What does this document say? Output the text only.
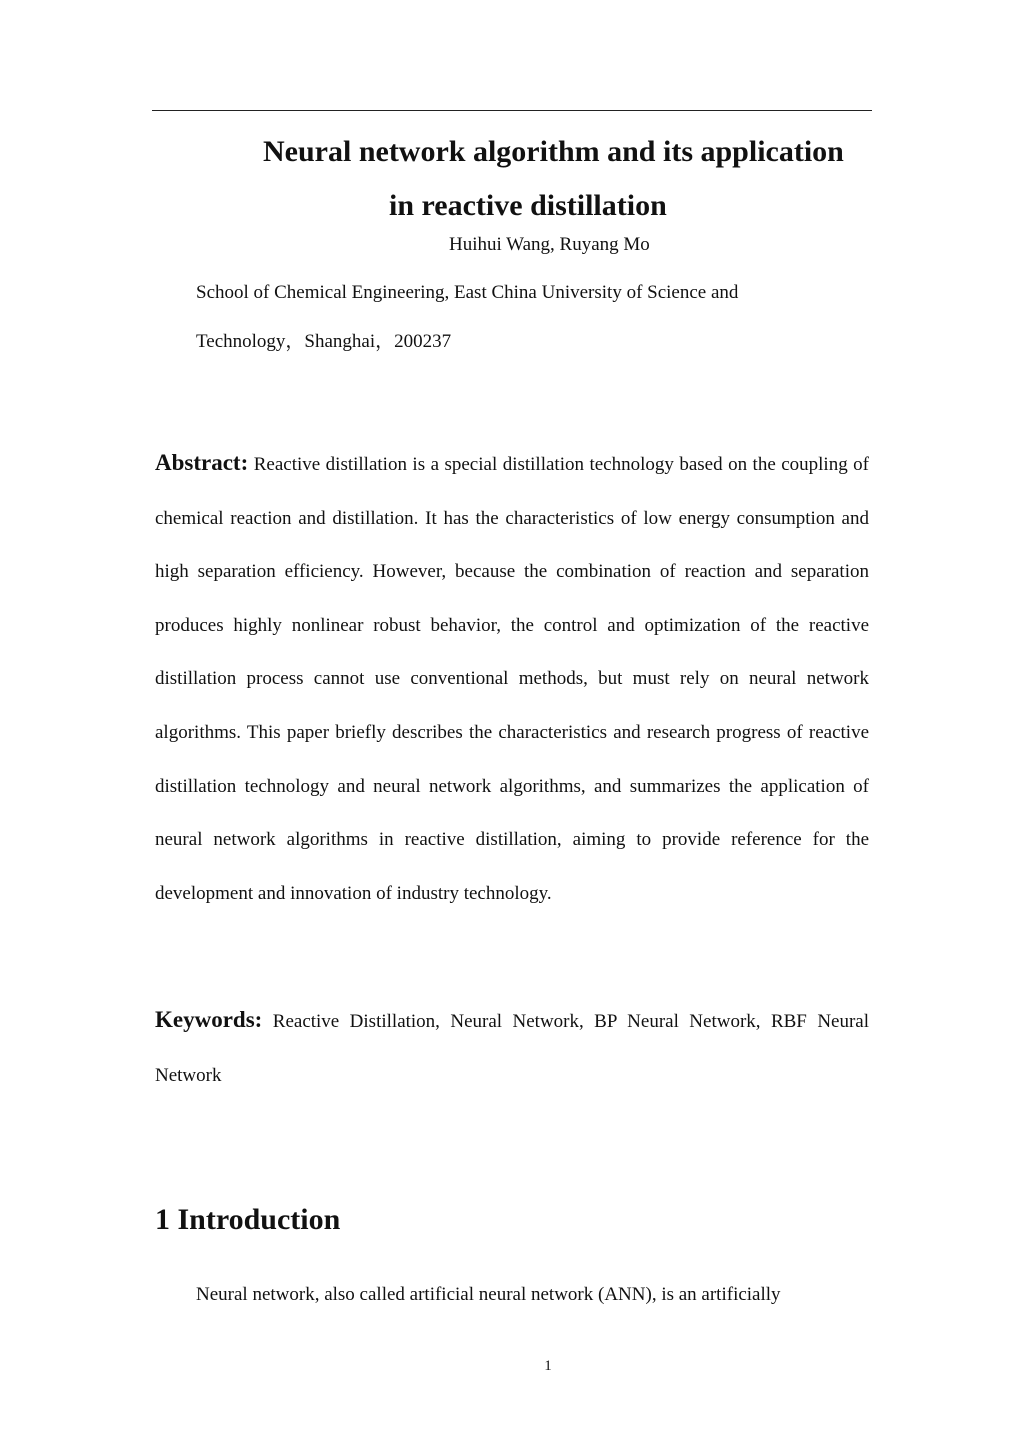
Neural network algorithm and its application
in reactive distillation
Huihui Wang, Ruyang Mo
School of Chemical Engineering, East China University of Science and
Technology，Shanghai，200237
Abstract: Reactive distillation is a special distillation technology based on the coupling of chemical reaction and distillation. It has the characteristics of low energy consumption and high separation efficiency. However, because the combination of reaction and separation produces highly nonlinear robust behavior, the control and optimization of the reactive distillation process cannot use conventional methods, but must rely on neural network algorithms. This paper briefly describes the characteristics and research progress of reactive distillation technology and neural network algorithms, and summarizes the application of neural network algorithms in reactive distillation, aiming to provide reference for the development and innovation of industry technology.
Keywords: Reactive Distillation, Neural Network, BP Neural Network, RBF Neural Network
1 Introduction
Neural network, also called artificial neural network (ANN), is an artificially
1
